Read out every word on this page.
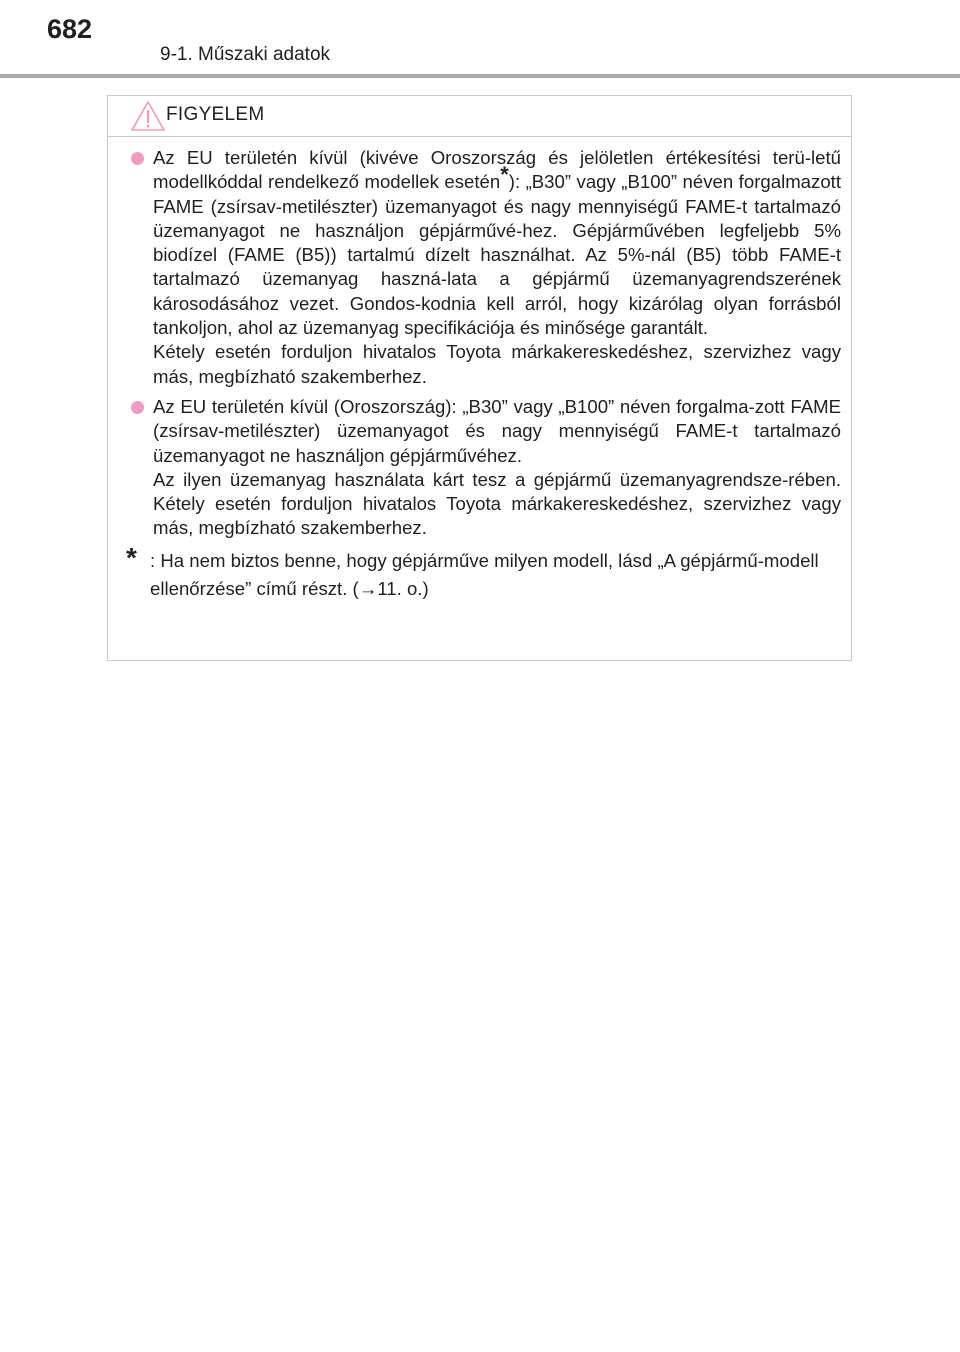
682
9-1. Műszaki adatok
FIGYELEM
Az EU területén kívül (kivéve Oroszország és jelöletlen értékesítési terü-letű modellkóddal rendelkező modellek esetén*): „B30” vagy „B100” néven forgalmazott FAME (zsírsav-metilészter) üzemanyagot és nagy mennyiségű FAME-t tartalmazó üzemanyagot ne használjon gépjárművé-hez. Gépjárművében legfeljebb 5% biodízel (FAME (B5)) tartalmú dízelt használhat. Az 5%-nál (B5) több FAME-t tartalmazó üzemanyag haszná-lata a gépjármű üzemanyagrendszerének károsodásához vezet. Gondos-kodnia kell arról, hogy kizárólag olyan forrásból tankoljon, ahol az üzemanyag specifikációja és minősége garantált.
Kétely esetén forduljon hivatalos Toyota márkakereskedéshez, szervizhez vagy más, megbízható szakemberhez.
Az EU területén kívül (Oroszország): „B30” vagy „B100” néven forgalma-zott FAME (zsírsav-metilészter) üzemanyagot és nagy mennyiségű FAME-t tartalmazó üzemanyagot ne használjon gépjárművéhez.
Az ilyen üzemanyag használata kárt tesz a gépjármű üzemanyagrendsze-rében. Kétely esetén forduljon hivatalos Toyota márkakereskedéshez, szervizhez vagy más, megbízható szakemberhez.
* : Ha nem biztos benne, hogy gépjárműve milyen modell, lásd „A gépjármű-modell ellenőrzése” című részt. (→11. o.)
